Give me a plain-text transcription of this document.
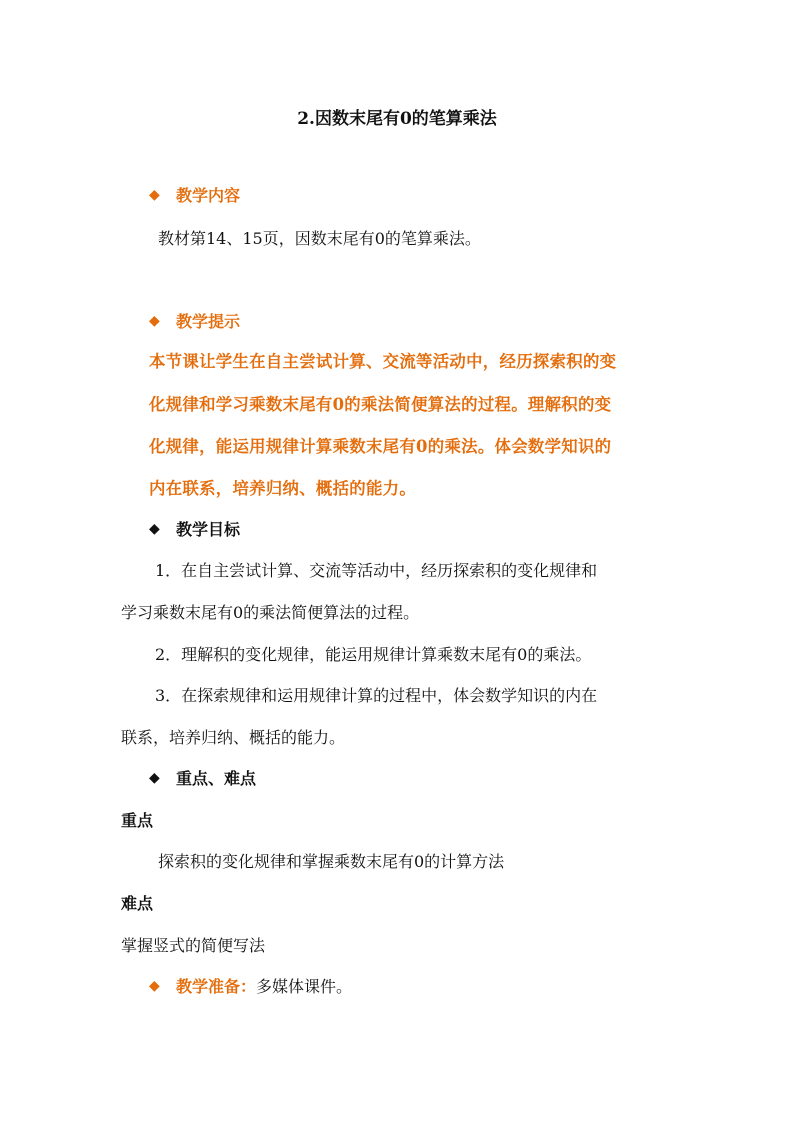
2.因数末尾有0的笔算乘法
◆	教学内容
教材第14、15页，因数末尾有0的笔算乘法。
◆	教学提示
本节课让学生在自主尝试计算、交流等活动中，经历探索积的变
化规律和学习乘数末尾有0的乘法简便算法的过程。理解积的变
化规律，能运用规律计算乘数末尾有0的乘法。体会数学知识的
内在联系，培养归纳、概括的能力。
◆	教学目标
1．在自主尝试计算、交流等活动中，经历探索积的变化规律和
学习乘数末尾有0的乘法简便算法的过程。
2．理解积的变化规律，能运用规律计算乘数末尾有0的乘法。
3．在探索规律和运用规律计算的过程中，体会数学知识的内在
联系，培养归纳、概括的能力。
◆	重点、难点
重点
探索积的变化规律和掌握乘数末尾有0的计算方法
难点
掌握竖式的简便写法
◆	教学准备： 多媒体课件。
